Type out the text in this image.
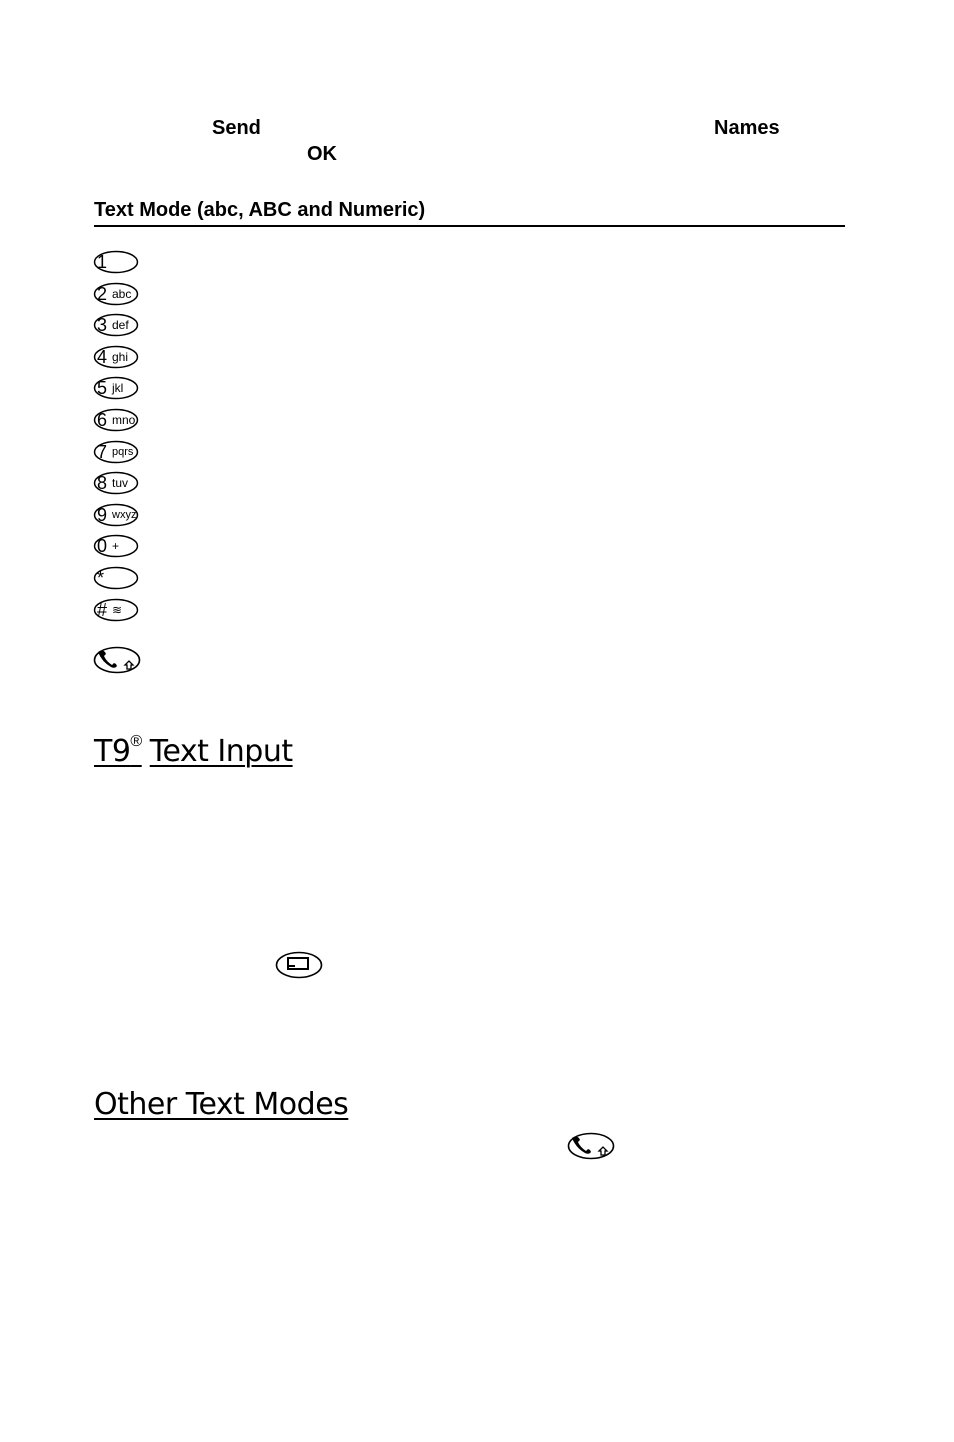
Send	Names
OK
Text Mode (abc, ABC and Numeric)
1
2 abc
3 def
4 ghi
5 jkl
6 mno
7 pqrs
8 tuv
9 wxyz
0 +
*
# ≋
T9® Text Input
Other Text Modes
